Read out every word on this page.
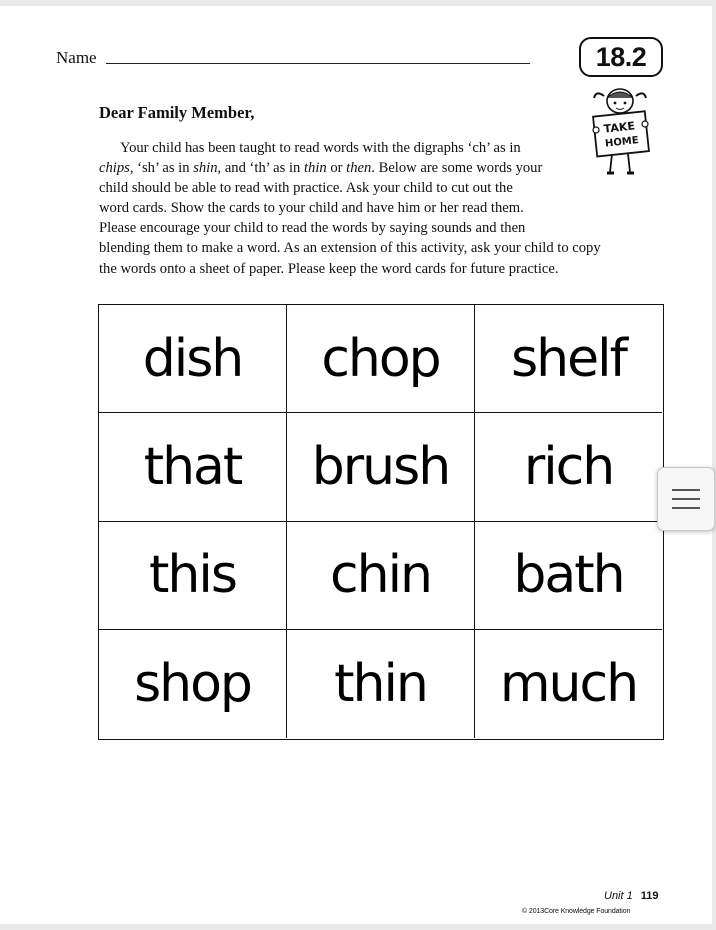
Name	18.2
TAKE
HOME
Dear Family Member,
Your child has been taught to read words with the digraphs ‘ch’ as in
chips, ‘sh’ as in shin, and ‘th’ as in thin or then. Below are some words your
child should be able to read with practice. Ask your child to cut out the
word cards. Show the cards to your child and have him or her read them.
Please encourage your child to read the words by saying sounds and then
blending them to make a word. As an extension of this activity, ask your child to copy
the words onto a sheet of paper. Please keep the word cards for future practice.
dish	chop	shelf
that	brush	rich
this	chin	bath
shop	thin	much
Unit 1 119
© 2013Core Knowledge Foundation
